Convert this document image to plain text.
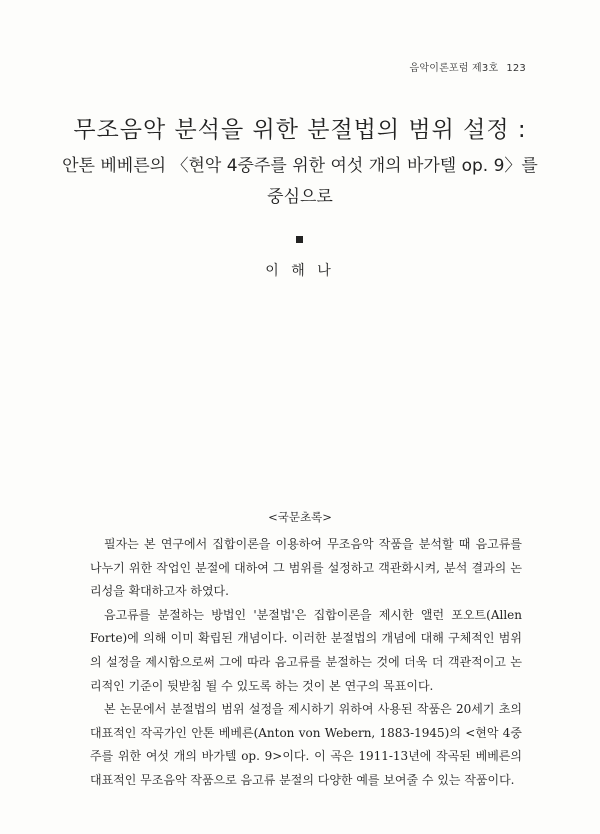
음악이론포럼 제3호 123
무조음악 분석을 위한 분절법의 범위 설정 :
안톤 베베른의 〈현악 4중주를 위한 여섯 개의 바가텔 op. 9〉를
중심으로
이 해 나
<국문초록>

필자는 본 연구에서 집합이론을 이용하여 무조음악 작품을 분석할 때 음고류를 나누기 위한 작업인 분절에 대하여 그 범위를 설정하고 객관화시켜, 분석 결과의 논리성을 확대하고자 하였다.

음고류를 분절하는 방법인 '분절법'은 집합이론을 제시한 앨런 포오트(Allen Forte)에 의해 이미 확립된 개념이다. 이러한 분절법의 개념에 대해 구체적인 범위의 설정을 제시함으로써 그에 따라 음고류를 분절하는 것에 더욱 더 객관적이고 논리적인 기준이 뒷받침 될 수 있도록 하는 것이 본 연구의 목표이다.

본 논문에서 분절법의 범위 설정을 제시하기 위하여 사용된 작품은 20세기 초의 대표적인 작곡가인 안톤 베베른(Anton von Webern, 1883-1945)의 <현악 4중주를 위한 여섯 개의 바가텔 op. 9>이다. 이 곡은 1911-13년에 작곡된 베베른의 대표적인 무조음악 작품으로 음고류 분절의 다양한 예를 보여줄 수 있는 작품이다.
